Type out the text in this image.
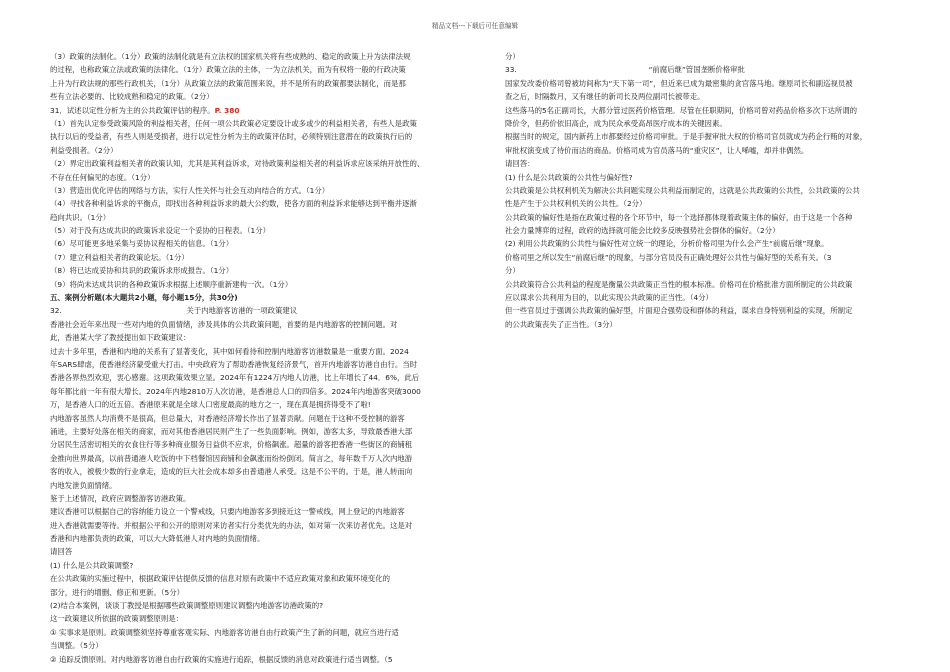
精品文档---下载后可任意编辑
（3）政策的法制化。（1分）政策的法制化就是有立法权的国家机关将有些成熟的、稳定的政策上升为法律法规
的过程，也称政策立法或政策的法律化。（1分）政策立法的主体，一为立法机关，而为有权将一般的行政决策
上升为行政法规的那些行政机关，（1分）从政策立法的政策范围来说，并不是所有的政策都要法制化，而是那
些有立法必要的、比较成熟和稳定的政策。（2分）
31．试述以定性分析为主的公共政策评估的程序。P. 380
（1）首先认定参受政策风险的利益相关者，任何一项公共政策必定要设计或多或少的利益相关者，有些人是政策
执行以后的受益者，有些人则是受损者，进行以定性分析为主的政策评估时，必须特别注意潜在的政策执行后的
利益受损者。（2分）
（2）界定出政策利益相关者的政策认知，尤其是其利益诉求，对待政策利益相关者的利益诉求应该采纳开放性的、
不存在任何偏见的态度。（1分）
（3）营造出优化评估的网络与方法，实行人性关怀与社会互动向结合的方式。（1分）
（4）寻找各种利益诉求的平衡点，即找出各种利益诉求的最大公约数，使各方面的利益诉求能够达到平衡并逐渐
趋向共识。（1分）
（5）对于没有达成共识的政策诉求设定一个妥协的日程表。（1分）
（6）尽可能更多地采集与妥协议程相关的信息。（1分）
（7）建立利益相关者的政策论坛。（1分）
（8）将已达成妥协和共识的政策诉求形成报告。（1分）
（9）将尚未达成共识的各种政策诉求根据上述顺序重新建构一次。（1分）
五、案例分析题(本大题共2小题，每小题15分，共30分)
32.	关于内地游客访港的一项政策建议
香港社会近年来出现一些对内地的负面情绪，涉及具体的公共政策问题，首要的是内地游客的控制问题。对
此，香港某大学了教授提出如下政策建议：
过去十多年里，香港和内地的关系有了显著变化，其中如何看待和控制内地游客访港数量是一重要方面。2024
年SARS肆虐，使香港经济蒙受重大打击。中央政府为了帮助香港恢复经济景气，首开内地游客访港自由行。当时
香港各界热烈欢迎，衷心感谢。这项政策效果立显。2024年有1224万内地人访港，比上年增长了44．6%，此后
每年都比前一年有很大增长。2024年内地2810万人次访港，是香港总人口的四倍多。2024年内地游客突破3000
万，是香港人口的近五倍。香港原来就是全球人口密度最高的地方之一，现在真是拥挤得受不了啦!
内地游客虽然人均消费不是很高，但总量大，对香港经济增长作出了显著贡献。问题在于这种不受控制的游客
涌进，主要好处落在相关的商家，而对其他香港居民则产生了一些负面影响。例如，游客太多，导致最香港大部
分居民生活密切相关的衣食住行等多种商业服务日益供不应求，价格飙涨。超量的游客把香港一些街区的商铺租
金推向世界最高，以前普通港人吃饭的中下档餐馆因商铺和金飙涨而纷纷倒闭。简言之，每年数千万人次内地游
客的收入，被极少数的行业拿走，造成的巨大社会成本却多由普通港人承受。这是不公平的。于是，港人转而向
内地发泄负面情绪。
鉴于上述情况，政府应调整游客访港政策。
建议香港可以根据自己的容纳能力设立一个警戒线，只要内地游客多到接近这一警戒线，网上登记的内地游客
进入香港就需要等待。并根据公平和公开的原则对来访者实行分类优先的办法，如对第一次来访者优先。这是对
香港和内地都负责的政策，可以大大降低港人对内地的负面情绪。
请回答
(1) 什么是公共政策调整?
在公共政策的实施过程中，根据政策评估提供反馈的信息对原有政策中不适应政策对象和政策环境变化的
部分，进行的增删、修正和更新。（5分）
(2)结合本案例，谈谈丁教授是根据哪些政策调整原则建议调整内地游客访港政策的?
这一政策建议所依据的政策调整原则是：
① 实事求是原则。政策调整须坚持尊重客观实际、内地游客访港自由行政策产生了新的问题，就应当进行适
当调整。（5分）
② 追踪反馈原则。对内地游客访港自由行政策的实施进行追踪，根据反馈的消息对政策进行适当调整。（5
分）
33.	“前腐后继”管国垄断价格审批
国家发改委价格司曾被坊间称为“天下第一司”，但近来已成为最密集的贪官落马地。继原司长和副巡视员被
查之后，时隔数月，又有继任的新司长及两位副司长被带走。
这些落马的5名正副司长，大都分管过医药价格管理。尽管在任职期间，价格司曾对药品价格多次下达所谓的
降价令，但药价依旧高企，成为民众承受高昂医疗成本的关键因素。
根据当时的规定，国内新药上市都要经过价格司审批。于是手握审批大权的价格司官员就成为药企行贿的对象，
审批权演变成了待价而沽的商品。价格司成为官员落马的“重灾区”，让人唏嘘，却并非偶然。
请回答：
(1) 什么是公共政策的公共性与偏好性?
公共政策是公共权利机关为解决公共问题实现公共利益而制定的，这就是公共政策的公共性，公共政策的公共
性是产生于公共权利机关的公共性。（2分）
公共政策的偏好性是指在政策过程的各个环节中，每一个选择都体现着政策主体的偏好，由于这是一个各种
社会力量博弈的过程，政府的选择就可能会比较多反映强势社会群体的偏好。（2分）
(2) 利用公共政策的公共性与偏好性对立统一的理论，分析价格司里为什么会产生“前腐后继”现象。
价格司里之所以发生“前腐后继”的现象，与部分官员没有正确处理好公共性与偏好型的关系有关。（3
分）
公共政策符合公共利益的程度是衡量公共政策正当性的根本标准。价格司在价格批准方面所制定的公共政策
应以谋求公共利用为目的，以此实现公共政策的正当性。（4分）
但一些官员过于强调公共政策的偏好型，片面迎合强势设和群体的利益，谋求自身特别利益的实现，所制定
的公共政策丧失了正当性。（3分）
